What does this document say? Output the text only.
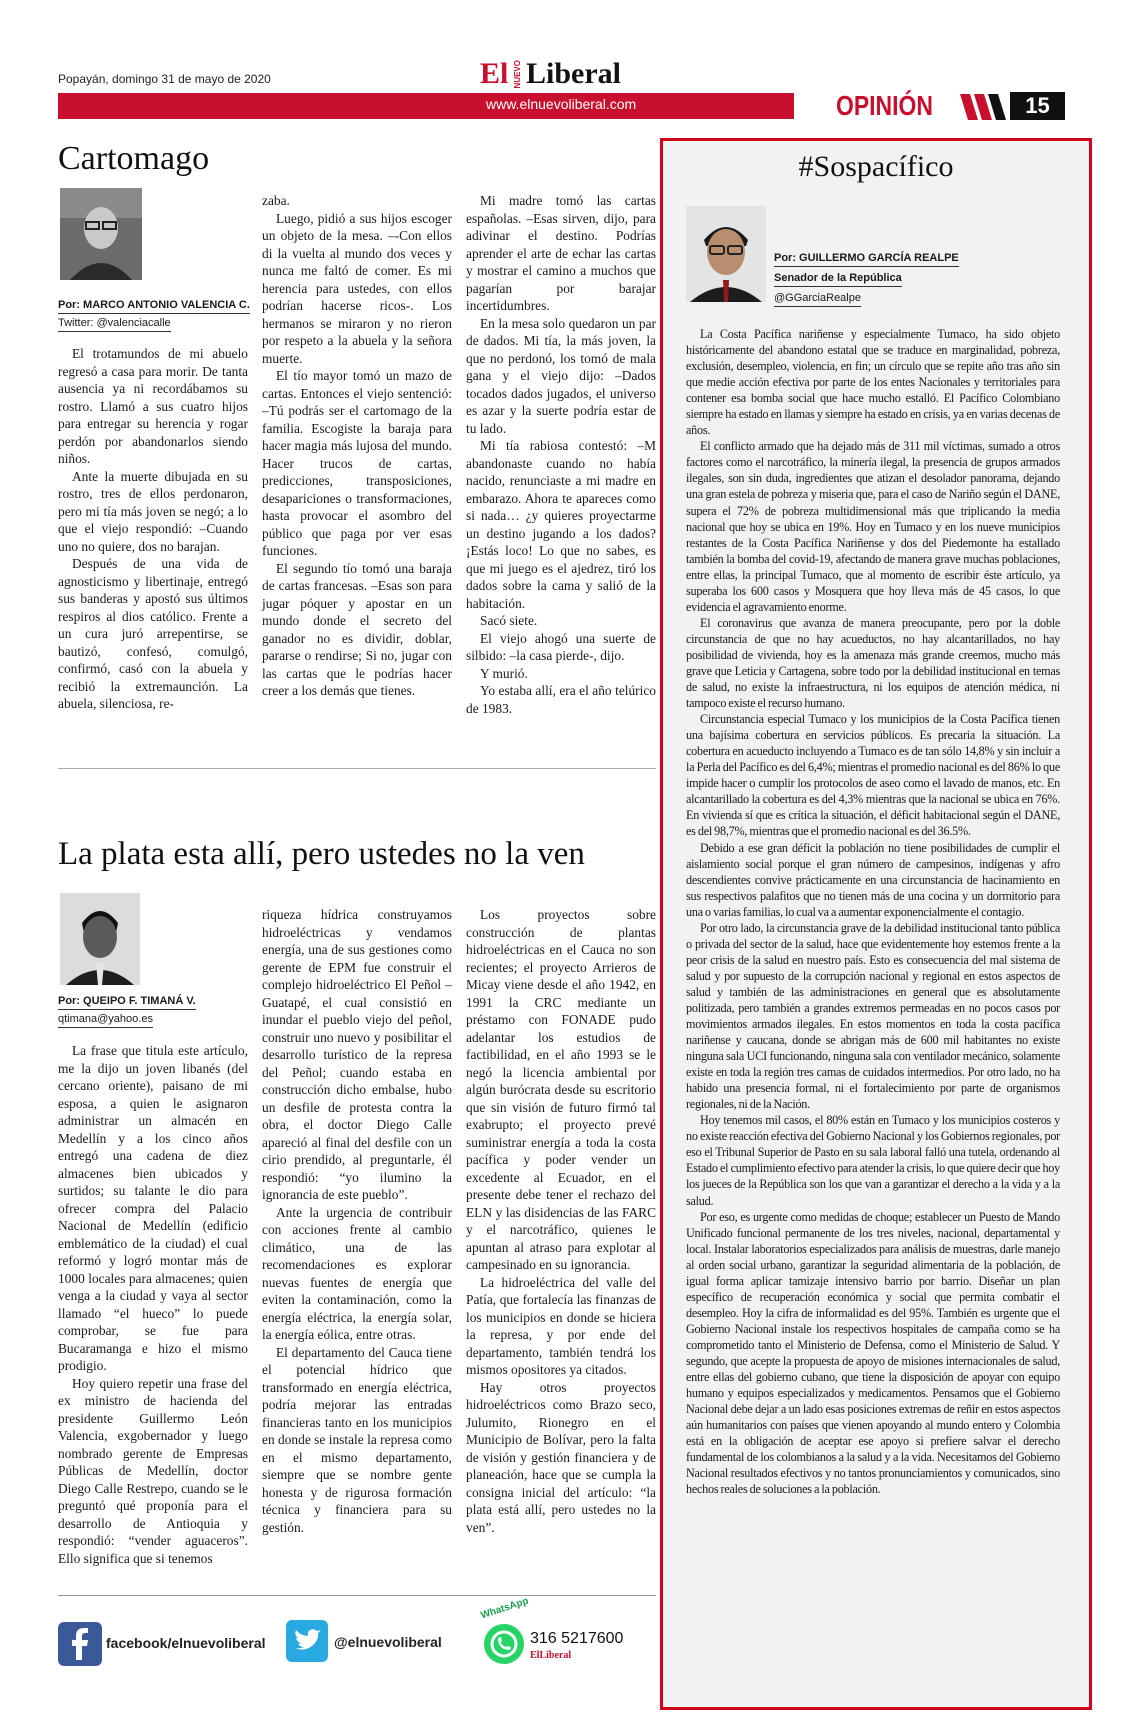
Popayán, domingo 31 de mayo de 2020	El NUEVO Liberal
www.elnuevoliberal.com	OPINIÓN	15
Cartomago
Por: MARCO ANTONIO VALENCIA C.
Twitter: @valenciacalle

El trotamundos de mi abuelo regresó a casa para morir. De tanta ausencia ya ni recordábamos su rostro. Llamó a sus cuatro hijos para entregar su herencia y rogar perdón por abandonarlos siendo niños.

Ante la muerte dibujada en su rostro, tres de ellos perdonaron, pero mi tía más joven se negó; a lo que el viejo respondió: –Cuando uno no quiere, dos no barajan.

Después de una vida de agnosticismo y libertinaje, entregó sus banderas y apostó sus últimos respiros al dios católico. Frente a un cura juró arrepentirse, se bautizó, confesó, comulgó, confirmó, casó con la abuela y recibió la extremaunción. La abuela, silenciosa, re-

zaba.

Luego, pidió a sus hijos escoger un objeto de la mesa. –-Con ellos di la vuelta al mundo dos veces y nunca me faltó de comer. Es mi herencia para ustedes, con ellos podrían hacerse ricos-. Los hermanos se miraron y no rieron por respeto a la abuela y la señora muerte.

El tío mayor tomó un mazo de cartas. Entonces el viejo sentenció: –Tú podrás ser el cartomago de la familia. Escogiste la baraja para hacer magia más lujosa del mundo. Hacer trucos de cartas, predicciones, transposiciones, desapariciones o transformaciones, hasta provocar el asombro del público que paga por ver esas funciones.

El segundo tío tomó una baraja de cartas francesas. –Esas son para jugar póquer y apostar en un mundo donde el secreto del ganador no es dividir, doblar, pararse o rendirse; Si no, jugar con las cartas que le podrías hacer creer a los demás que tienes.

Mi madre tomó las cartas españolas. –Esas sirven, dijo, para adivinar el destino. Podrías aprender el arte de echar las cartas y mostrar el camino a muchos que pagarían por barajar incertidumbres.

En la mesa solo quedaron un par de dados. Mi tía, la más joven, la que no perdonó, los tomó de mala gana y el viejo dijo: –Dados tocados dados jugados, el universo es azar y la suerte podría estar de tu lado.

Mi tía rabiosa contestó: –M abandonaste cuando no había nacido, renunciaste a mi madre en embarazo. Ahora te apareces como si nada… ¿y quieres proyectarme un destino jugando a los dados? ¡Estás loco! Lo que no sabes, es que mi juego es el ajedrez, tiró los dados sobre la cama y salió de la habitación.

Sacó siete.

El viejo ahogó una suerte de silbido: –la casa pierde-, dijo.

Y murió.

Yo estaba allí, era el año telúrico de 1983.

La plata esta allí, pero ustedes no la ven
Por: QUEIPO F. TIMANÁ V.
qtimana@yahoo.es

La frase que titula este artículo, me la dijo un joven libanés (del cercano oriente), paisano de mi esposa, a quien le asignaron administrar un almacén en Medellín y a los cinco años entregó una cadena de diez almacenes bien ubicados y surtidos; su talante le dio para ofrecer compra del Palacio Nacional de Medellín (edificio emblemático de la ciudad) el cual reformó y logró montar más de 1000 locales para almacenes; quien venga a la ciudad y vaya al sector llamado “el hueco” lo puede comprobar, se fue para Bucaramanga e hizo el mismo prodigio.

Hoy quiero repetir una frase del ex ministro de hacienda del presidente Guillermo León Valencia, exgobernador y luego nombrado gerente de Empresas Públicas de Medellín, doctor Diego Calle Restrepo, cuando se le preguntó qué proponía para el desarrollo de Antioquia y respondió: “vender aguaceros”. Ello significa que si tenemos

riqueza hídrica construyamos hidroeléctricas y vendamos energía, una de sus gestiones como gerente de EPM fue construir el complejo hidroeléctrico El Peñol – Guatapé, el cual consistió en inundar el pueblo viejo del peñol, construir uno nuevo y posibilitar el desarrollo turístico de la represa del Peñol; cuando estaba en construcción dicho embalse, hubo un desfile de protesta contra la obra, el doctor Diego Calle apareció al final del desfile con un cirio prendido, al preguntarle, él respondió: “yo ilumino la ignorancia de este pueblo”.

Ante la urgencia de contribuir con acciones frente al cambio climático, una de las recomendaciones es explorar nuevas fuentes de energía que eviten la contaminación, como la energía eléctrica, la energía solar, la energía eólica, entre otras.

El departamento del Cauca tiene el potencial hídrico que transformado en energía eléctrica, podría mejorar las entradas financieras tanto en los municipios en donde se instale la represa como en el mismo departamento, siempre que se nombre gente honesta y de rigurosa formación técnica y financiera para su gestión.

Los proyectos sobre construcción de plantas hidroeléctricas en el Cauca no son recientes; el proyecto Arrieros de Micay viene desde el año 1942, en 1991 la CRC mediante un préstamo con FONADE pudo adelantar los estudios de factibilidad, en el año 1993 se le negó la licencia ambiental por algún burócrata desde su escritorio que sin visión de futuro firmó tal exabrupto; el proyecto prevé suministrar energía a toda la costa pacífica y poder vender un excedente al Ecuador, en el presente debe tener el rechazo del ELN y las disidencias de las FARC y el narcotráfico, quienes le apuntan al atraso para explotar al campesinado en su ignorancia.

La hidroeléctrica del valle del Patía, que fortalecía las finanzas de los municipios en donde se hiciera la represa, y por ende del departamento, también tendrá los mismos opositores ya citados.

Hay otros proyectos hidroeléctricos como Brazo seco, Julumito, Rionegro en el Municipio de Bolívar, pero la falta de visión y gestión financiera y de planeación, hace que se cumpla la consigna inicial del artículo: “la plata está allí, pero ustedes no la ven”.

facebook/elnuevoliberal	@elnuevoliberal
WhatsApp
316 5217600
ElLiberal
#Sospacífico
Por: GUILLERMO GARCÍA REALPE
Senador de la República
@GGarciaRealpe

La Costa Pacífica nariñense y especialmente Tumaco, ha sido objeto históricamente del abandono estatal que se traduce en marginalidad, pobreza, exclusión, desempleo, violencia, en fin; un círculo que se repite año tras año sin que medie acción efectiva por parte de los entes Nacionales y territoriales para contener esa bomba social que hace mucho estalló. El Pacífico Colombiano siempre ha estado en llamas y siempre ha estado en crisis, ya en varias decenas de años.

El conflicto armado que ha dejado más de 311 mil víctimas, sumado a otros factores como el narcotráfico, la minería ilegal, la presencia de grupos armados ilegales, son sin duda, ingredientes que atizan el desolador panorama, dejando una gran estela de pobreza y miseria que, para el caso de Nariño según el DANE, supera el 72% de pobreza multidimensional más que triplicando la media nacional que hoy se ubica en 19%. Hoy en Tumaco y en los nueve municipios restantes de la Costa Pacífica Nariñense y dos del Piedemonte ha estallado también la bomba del covid-19, afectando de manera grave muchas poblaciones, entre ellas, la principal Tumaco, que al momento de escribir éste artículo, ya superaba los 600 casos y Mosquera que hoy lleva más de 45 casos, lo que evidencia el agravamiento enorme.

El coronavirus que avanza de manera preocupante, pero por la doble circunstancia de que no hay acueductos, no hay alcantarillados, no hay posibilidad de vivienda, hoy es la amenaza más grande creemos, mucho más grave que Leticia y Cartagena, sobre todo por la debilidad institucional en temas de salud, no existe la infraestructura, ni los equipos de atención médica, ni tampoco existe el recurso humano.

Circunstancia especial Tumaco y los municipios de la Costa Pacífica tienen una bajísima cobertura en servicios públicos. Es precaria la situación. La cobertura en acueducto incluyendo a Tumaco es de tan sólo 14,8% y sin incluir a la Perla del Pacífico es del 6,4%; mientras el promedio nacional es del 86% lo que impide hacer o cumplir los protocolos de aseo como el lavado de manos, etc. En alcantarillado la cobertura es del 4,3% mientras que la nacional se ubica en 76%. En vivienda sí que es crítica la situación, el déficit habitacional según el DANE, es del 98,7%, mientras que el promedio nacional es del 36.5%.

Debido a ese gran déficit la población no tiene posibilidades de cumplir el aislamiento social porque el gran número de campesinos, indígenas y afro descendientes convive prácticamente en una circunstancia de hacinamiento en sus respectivos palafitos que no tienen más de una cocina y un dormitorio para una o varias familias, lo cual va a aumentar exponencialmente el contagio.

Por otro lado, la circunstancia grave de la debilidad institucional tanto pública o privada del sector de la salud, hace que evidentemente hoy estemos frente a la peor crisis de la salud en nuestro país. Esto es consecuencia del mal sistema de salud y por supuesto de la corrupción nacional y regional en estos aspectos de salud y también de las administraciones en general que es absolutamente politizada, pero también a grandes extremos permeadas en no pocos casos por movimientos armados ilegales. En estos momentos en toda la costa pacífica nariñense y caucana, donde se abrigan más de 600 mil habitantes no existe ninguna sala UCI funcionando, ninguna sala con ventilador mecánico, solamente existe en toda la región tres camas de cuidados intermedios. Por otro lado, no ha habido una presencia formal, ni el fortalecimiento por parte de organismos regionales, ni de la Nación.

Hoy tenemos mil casos, el 80% están en Tumaco y los municipios costeros y no existe reacción efectiva del Gobierno Nacional y los Gobiernos regionales, por eso el Tribunal Superior de Pasto en su sala laboral falló una tutela, ordenando al Estado el cumplimiento efectivo para atender la crisis, lo que quiere decir que hoy los jueces de la República son los que van a garantizar el derecho a la vida y a la salud.

Por eso, es urgente como medidas de choque; establecer un Puesto de Mando Unificado funcional permanente de los tres niveles, nacional, departamental y local. Instalar laboratorios especializados para análisis de muestras, darle manejo al orden social urbano, garantizar la seguridad alimentaria de la población, de igual forma aplicar tamizaje intensivo barrio por barrio. Diseñar un plan específico de recuperación económica y social que permita combatir el desempleo. Hoy la cifra de informalidad es del 95%. También es urgente que el Gobierno Nacional instale los respectivos hospitales de campaña como se ha comprometido tanto el Ministerio de Defensa, como el Ministerio de Salud. Y segundo, que acepte la propuesta de apoyo de misiones internacionales de salud, entre ellas del gobierno cubano, que tiene la disposición de apoyar con equipo humano y equipos especializados y medicamentos. Pensamos que el Gobierno Nacional debe dejar a un lado esas posiciones extremas de reñir en estos aspectos aún humanitarios con países que vienen apoyando al mundo entero y Colombia está en la obligación de aceptar ese apoyo si prefiere salvar el derecho fundamental de los colombianos a la salud y a la vida. Necesitamos del Gobierno Nacional resultados efectivos y no tantos pronunciamientos y comunicados, sino hechos reales de soluciones a la población.
